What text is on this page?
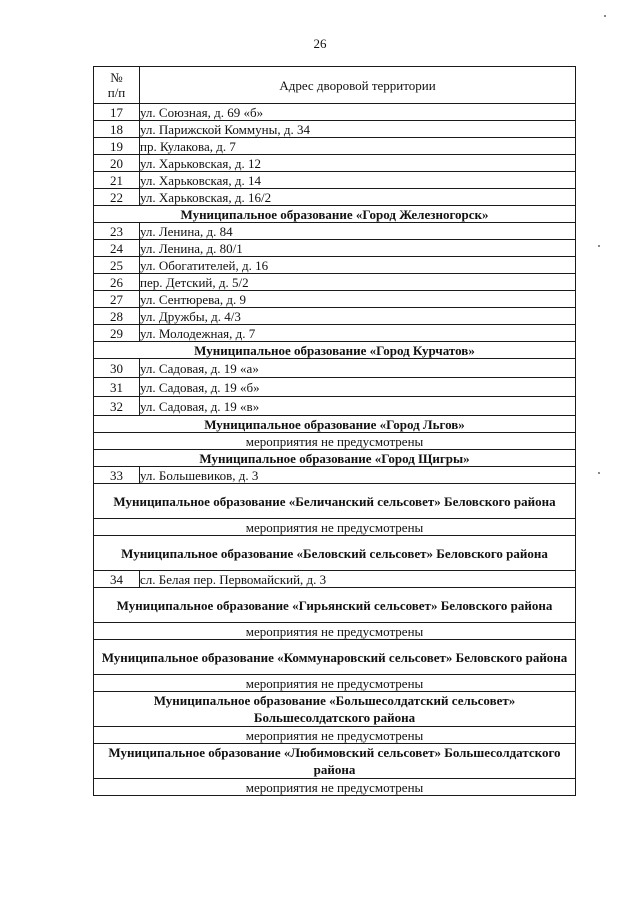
26
№
п/п	Адрес дворовой территории
17	ул. Союзная, д. 69 «б»
18	ул. Парижской Коммуны, д. 34
19	пр. Кулакова, д. 7
20	ул. Харьковская, д. 12
21	ул. Харьковская, д. 14
22	ул. Харьковская, д. 16/2
Муниципальное образование «Город Железногорск»	
23	ул. Ленина, д. 84
24	ул. Ленина, д. 80/1
25	ул. Обогатителей, д. 16
26	пер. Детский, д. 5/2
27	ул. Сентюрева, д. 9
28	ул. Дружбы, д. 4/3
29	ул. Молодежная, д. 7
Муниципальное образование «Город Курчатов»	
30	ул. Садовая, д. 19 «а»
31	ул. Садовая, д. 19 «б»
32	ул. Садовая, д. 19 «в»
Муниципальное образование «Город Льгов»	
мероприятия не предусмотрены	
Муниципальное образование «Город Щигры»	
33	ул. Большевиков, д. 3
Муниципальное образование «Беличанский сельсовет» Беловского района	
мероприятия не предусмотрены	
Муниципальное образование «Беловский сельсовет» Беловского района	
34	сл. Белая пер. Первомайский, д. 3
Муниципальное образование «Гирьянский сельсовет» Беловского района	
мероприятия не предусмотрены	
Муниципальное образование «Коммунаровский сельсовет» Беловского района	
мероприятия не предусмотрены	
Муниципальное образование «Большесолдатский сельсовет» Большесолдатского района	
мероприятия не предусмотрены	
Муниципальное образование «Любимовский сельсовет» Большесолдатского района	
мероприятия не предусмотрены	
